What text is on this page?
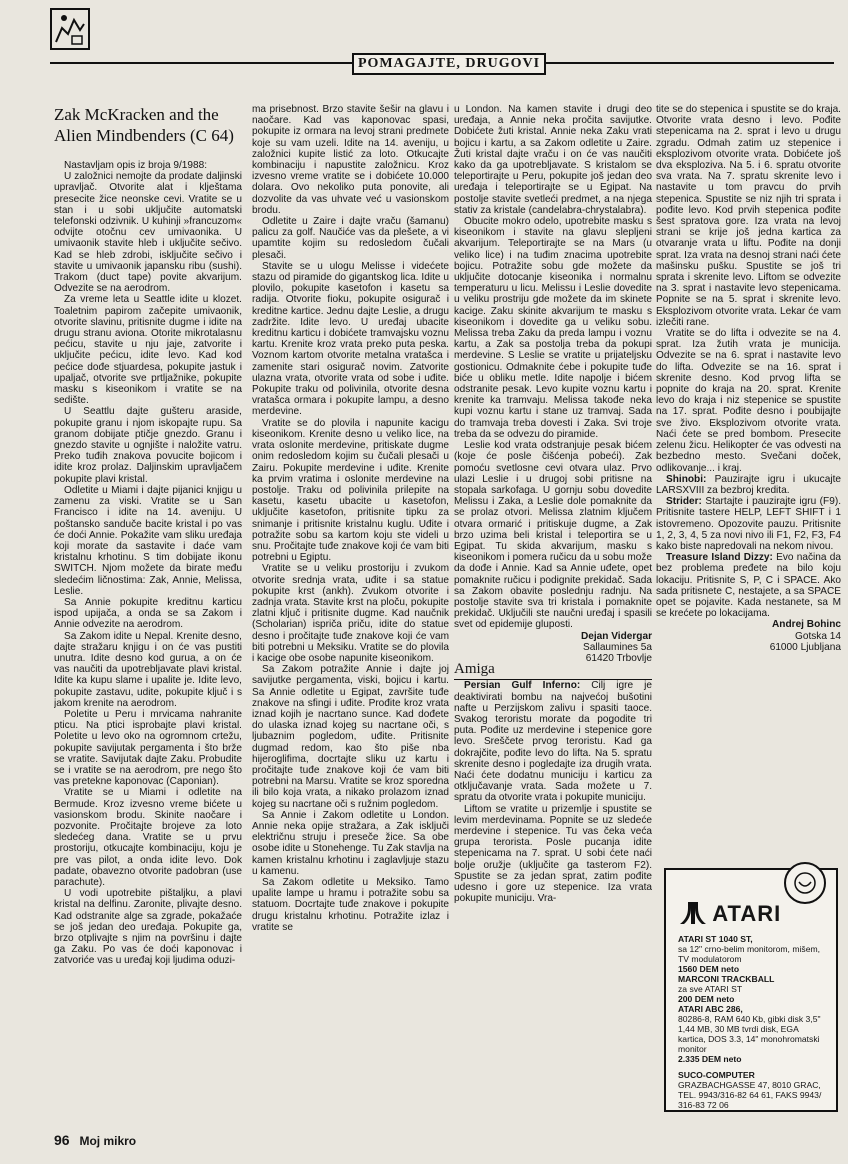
POMAGAJTE, DRUGOVI
Zak McKracken and the Alien Mindbenders (C 64)

Nastavljam opis iz broja 9/1988:

U založnici nemojte da prodate daljinski upravljač. Otvorite alat i klještama presecite žice neonske cevi. Vratite se u stan i u sobi uključite automatski telefonski odzivnik. U kuhinji »francuzom« odvijte otočnu cev umivaonika. U umivaonik stavite hleb i uključite sečivo. Kad se hleb zdrobi, isključite sečivo i stavite u umivaonik japansku ribu (sushi). Trakom (duct tape) povite akvarijum. Odvezite se na aerodrom.

Za vreme leta u Seattle idite u klozet. Toaletnim papirom začepite umivaonik, otvorite slavinu, pritisnite dugme i idite na drugu stranu aviona. Otorite mikrotalasnu pećicu, stavite u nju jaje, zatvorite i uključite pećicu, idite levo. Kad kod pećice dođe stjuardesa, pokupite jastuk i upaljač, otvorite sve prtljažnike, pokupite masku s kiseonikom i vratite se na sedište.

U Seattlu dajte gušteru araside, pokupite granu i njom iskopajte rupu. Sa granom dobijate ptičje gnezdo. Granu i gnezdo stavite u ognjište i naložite vatru. Preko tuđih znakova povucite bojicom i idite kroz prolaz. Daljinskim upravljačem pokupite plavi kristal.

Odletite u Miami i dajte pijanici knjigu u zamenu za viski. Vratite se u San Francisco i idite na 14. aveniju. U poštansko sanduče bacite kristal i po vas će doći Annie. Pokažite vam sliku uređaja koji morate da sastavite i daće vam kristalnu krhotinu. S tim dobijate ikonu SWITCH. Njom možete da birate među sledećim ličnostima: Zak, Annie, Melissa, Leslie.

Sa Annie pokupite kreditnu karticu ispod upijača, a onda se sa Zakom i Annie odvezite na aerodrom.

Sa Zakom idite u Nepal. Krenite desno, dajte stražaru knjigu i on će vas pustiti unutra. Idite desno kod gurua, a on će vas naučiti da upotrebljavate plavi kristal. Idite ka kupu slame i upalite je. Idite levo, pokupite zastavu, udite, pokupite ključ i s jakom krenite na aerodrom.

Poletite u Peru i mrvicama nahranite pticu. Na ptici isprobajte plavi kristal. Poletite u levo oko na ogromnom crtežu, pokupite savijutak pergamenta i što brže se vratite. Savijutak dajte Zaku. Probudite se i vratite se na aerodrom, pre nego što vas pretekne kaponovac (Caponian).

Vratite se u Miami i odletite na Bermude. Kroz izvesno vreme bićete u vasionskom brodu. Skinite naočare i pozvonite. Pročitajte brojeve za loto sledećeg dana. Vratite se u prvu prostoriju, otkucajte kombinaciju, koju je pre vas pilot, a onda idite levo. Dok padate, obavezno otvorite padobran (use parachute).

U vodi upotrebite pištaljku, a plavi kristal na delfinu. Zaronite, plivajte desno. Kad odstranite alge sa zgrade, pokažaće se još jedan deo uređaja. Pokupite ga, brzo otplivajte s njim na površinu i dajte ga Zaku. Po vas će doći kaponovac i zatvoriće vas u uređaj koji ljudima oduzi-

ma prisebnost. Brzo stavite šešir na glavu i naočare. Kad vas kaponovac spasi, pokupite iz ormara na levoj strani predmete koje su vam uzeli. Idite na 14. aveniju, u založnici kupite listić za loto. Otkucajte kombinaciju i napustite založnicu. Kroz izvesno vreme vratite se i dobićete 10.000 dolara. Ovo nekoliko puta ponovite, ali dozvolite da vas uhvate već u vasionskom brodu.

Odletite u Zaire i dajte vraču (šamanu) palicu za golf. Naučiće vas da plešete, a vi upamtite kojim su redosledom čučali plesači.

Stavite se u ulogu Melisse i videćete stazu od piramide do gigantskog lica. Idite u plovilo, pokupite kasetofon i kasetu sa radija. Otvorite fioku, pokupite osigurač i kreditne kartice. Jednu dajte Leslie, a drugu zadržite. Idite levo. U uređaj ubacite kreditnu karticu i dobićete tramvajsku voznu kartu. Krenite kroz vrata preko puta peska. Voznom kartom otvorite metalna vratašca i zamenite stari osigurač novim. Zatvorite ulazna vrata, otvorite vrata od sobe i uđite. Pokupite traku od polivinila, otvorite desna vratašca ormara i pokupite lampu, a desno merdevine.

Vratite se do plovila i napunite kacigu kiseonikom. Krenite desno u veliko lice, na vrata oslonite merdevine, pritiskate dugme onim redosledom kojim su čučali plesači u Zairu. Pokupite merdevine i uđite. Krenite ka prvim vratima i oslonite merdevine na postolje. Traku od polivinila prilepite na kasetu, kasetu ubacite u kasetofon, uključite kasetofon, pritisnite tipku za snimanje i pritisnite kristalnu kuglu. Uđite i potražite sobu sa kartom koju ste videli u snu. Pročitajte tuđe znakove koji će vam biti potrebni u Egiptu.

Vratite se u veliku prostoriju i zvukom otvorite srednja vrata, uđite i sa statue pokupite krst (ankh). Zvukom otvorite i zadnja vrata. Stavite krst na ploču, pokupite zlatni ključ i pritisnite dugme. Kad naučnik (Scholarian) ispriča priču, idite do statue desno i pročitajte tuđe znakove koji će vam biti potrebni u Meksiku. Vratite se do plovila i kacige obe osobe napunite kiseonikom.

Sa Zakom potražite Annie i dajte joj savijutke pergamenta, viski, bojicu i kartu. Sa Annie odletite u Egipat, završite tuđe znakove na sfingi i uđite. Prođite kroz vrata iznad kojih je nacrtano sunce. Kad dođete do ulaska iznad kojeg su nacrtane oči, s ljubaznim pogledom, uđite. Pritisnite dugmad redom, kao što piše nba hijeroglifima, docrtajte sliku uz kartu i pročitajte tuđe znakove koji će vam biti potrebni na Marsu. Vratite se kroz sporedna ili bilo koja vrata, a nikako prolazom iznad kojeg su nacrtane oči s ružnim pogledom.

Sa Annie i Zakom odletite u London. Annie neka opije stražara, a Zak isključi električnu struju i preseče žice. Sa obe osobe idite u Stonehenge. Tu Zak stavlja na kamen kristalnu krhotinu i zaglavljuje stazu u kamenu.

Sa Zakom odletite u Meksiko. Tamo upalite lampe u hramu i potražite sobu sa statuom. Docrtajte tuđe znakove i pokupite drugu kristalnu krhotinu. Potražite izlaz i vratite se

u London. Na kamen stavite i drugi deo uređaja, a Annie neka pročita savijutke. Dobićete žuti kristal. Annie neka Zaku vrati bojicu i kartu, a sa Zakom odletite u Zaire. Žuti kristal dajte vraču i on će vas naučiti kako da ga upotrebljavate. S kristalom se teleportirajte u Peru, pokupite još jedan deo uređaja i teleportirajte se u Egipat. Na postolje stavite svetleći predmet, a na njega stativ za kristale (candelabra-chrystalabra).

Obucite mokro odelo, upotrebite masku s kiseonikom i stavite na glavu slepljeni akvarijum. Teleportirajte se na Mars (u veliko lice) i na tuđim znacima upotrebite bojicu. Potražite sobu gde možete da uključite dotocanje kiseonika i normalnu temperaturu u licu. Melissu i Leslie dovedite u veliku prostriju gde možete da im skinete kacige. Zaku skinite akvarijum te masku s kiseonikom i dovedite ga u veliku sobu. Melissa treba Zaku da preda lampu i voznu kartu, a Zak sa postolja treba da pokupi merdevine. S Leslie se vratite u prijateljsku gostionicu. Odmaknite ćebe i pokupite tuđe biće u obliku metle. Idite napolje i bićem odstranite pesak. Levo kupite voznu kartu i krenite ka tramvaju. Melissa takođe neka kupi voznu kartu i stane uz tramvaj. Sada do tramvaja treba dovesti i Zaka. Svi troje treba da se odvezu do piramide.

Leslie kod vrata odstranjuje pesak bićem (koje će posle čišćenja pobeći). Zak pomoću svetlosne cevi otvara ulaz. Prvo ulazi Leslie i u drugoj sobi pritisne na stopala sarkofaga. U gornju sobu dovedite Melissu i Zaka, a Leslie dole pomaknite da se prolaz otvori. Melissa zlatnim ključem otvara ormarić i pritiskuje dugme, a Zak brzo uzima beli kristal i teleportira se u Egipat. Tu skida akvarijum, masku s kiseonikom i pomera ručicu da u sobu može da dođe i Annie. Kad sa Annie uđete, opet pomaknite ručicu i podignite prekidač. Sada sa Zakom obavite poslednju radnju. Na postolje stavite sva tri kristala i pomaknite prekidač. Uključili ste naučni uređaj i spasili svet od epidemije gluposti.

Dejan Vidergar

Sallaumines 5a

61420 Trbovlje

Amiga

Persian Gulf Inferno: Cilj igre je deaktivirati bombu na najvećoj bušotini nafte u Perzijskom zalivu i spasiti taoce. Svakog teroristu morate da pogodite tri puta. Pođite uz merdevine i stepenice gore levo. Sreščete prvog teroristu. Kad ga dokrajčite, pođite levo do lifta. Na 5. spratu skrenite desno i pogledajte iza drugih vrata. Naći ćete dodatnu municiju i karticu za otključavanje vrata. Sada možete u 7. spratu da otvorite vrata i pokupite municiju.

Liftom se vratite u prizemlje i spustite se levim merdevinama. Popnite se uz sledeće merdevine i stepenice. Tu vas čeka veća grupa terorista. Posle pucanja idite stepenicama na 7. sprat. U sobi ćete naći bolje oružje (uključite ga tasterom F2). Spustite se za jedan sprat, zatim pođite udesno i gore uz stepenice. Iza vrata pokupite municiju. Vra-

tite se do stepenica i spustite se do kraja. Otvorite vrata desno i levo. Pođite stepenicama na 2. sprat i levo u drugu zgradu. Odmah zatim uz stepenice i eksplozivom otvorite vrata. Dobićete još dva eksploziva. Na 5. i 6. spratu otvorite sva vrata. Na 7. spratu skrenite levo i nastavite u tom pravcu do prvih stepenica. Spustite se niz njih tri sprata i pođite levo. Kod prvih stepenica pođite šest spratova gore. Iza vrata na levoj strani se krije još jedna kartica za otvaranje vrata u liftu. Pođite na donji sprat. Iza vrata na desnoj strani naći ćete mašinsku pušku. Spustite se još tri sprata i skrenite levo. Liftom se odvezite na 3. sprat i nastavite levo stepenicama. Popnite se na 5. sprat i skrenite levo. Eksplozivom otvorite vrata. Lekar će vam izlečiti rane.

Vratite se do lifta i odvezite se na 4. sprat. Iza žutih vrata je municija. Odvezite se na 6. sprat i nastavite levo do lifta. Odvezite se na 16. sprat i skrenite desno. Kod prvog lifta se popnite do kraja na 20. sprat. Krenite levo do kraja i niz stepenice se spustite na 17. sprat. Pođite desno i poubijajte sve živo. Eksplozivom otvorite vrata. Naći ćete se pred bombom. Presecite zelenu žicu. Helikopter će vas odvesti na bezbedno mesto. Svečani doček, odlikovanje... i kraj.

Shinobi: Pauzirajte igru i ukucajte LARSXVIII za bezbroj kredita.

Strider: Startajte i pauzirajte igru (F9). Pritisnite tastere HELP, LEFT SHIFT i 1 istovremeno. Opozovite pauzu. Pritisnite 1, 2, 3, 4, 5 za novi nivo ili F1, F2, F3, F4 kako biste napredovali na nekom nivou.

Treasure Island Dizzy: Evo načina da bez problema pređete na bilo koju lokaciju. Pritisnite S, P, C i SPACE. Ako sada pritisnete C, nestajete, a sa SPACE opet se pojavite. Kada nestanete, sa M se krećete po lokacijama.

Andrej Bohinc

Gotska 14

61000 Ljubljana

ATARI
ATARI ST 1040 ST,
sa 12" crno-belim monitorom, mišem, TV modulatorom
1560 DEM neto
MARCONI TRACKBALL
za sve ATARI ST
200 DEM neto
ATARI ABC 286,
80286-8, RAM 640 Kb, gibki disk 3,5" 1,44 MB, 30 MB tvrdi disk, EGA kartica, DOS 3.3, 14" monohromatski monitor
2.335 DEM neto
SUCO-COMPUTER
GRAZBACHGASSE 47, 8010 GRAC, TEL. 9943/316-82 64 61, FAKS 9943/ 316-83 72 06
96 Moj mikro
